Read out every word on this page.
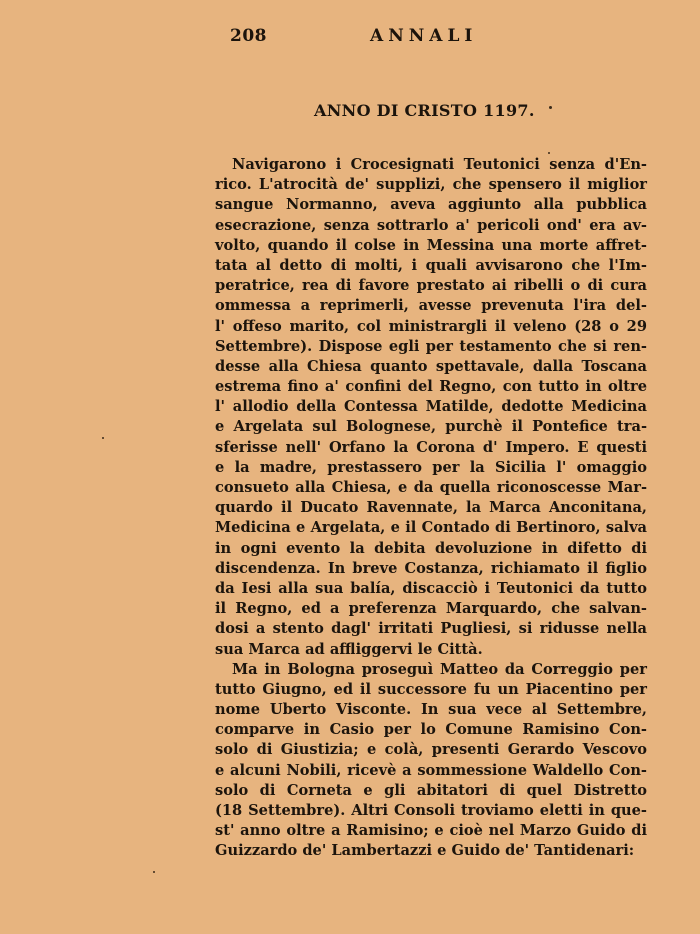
208	ANNALI
ANNO DI CRISTO 1197.
Navigarono i Crocesignati Teutonici senza d'En-
rico. L'atrocità de' supplizi, che spensero il miglior
sangue Normanno, aveva aggiunto alla pubblica
esecrazione, senza sottrarlo a' pericoli ond' era av-
volto, quando il colse in Messina una morte affret-
tata al detto di molti, i quali avvisarono che l'Im-
peratrice, rea di favore prestato ai ribelli o di cura
ommessa a reprimerli, avesse prevenuta l'ira del-
l' offeso marito, col ministrargli il veleno (28 o 29
Settembre). Dispose egli per testamento che si ren-
desse alla Chiesa quanto spettavale, dalla Toscana
estrema fino a' confini del Regno, con tutto in oltre
l' allodio della Contessa Matilde, dedotte Medicina
e Argelata sul Bolognese, purchè il Pontefice tra-
sferisse nell' Orfano la Corona d' Impero. E questi
e la madre, prestassero per la Sicilia l' omaggio
consueto alla Chiesa, e da quella riconoscesse Mar-
quardo il Ducato Ravennate, la Marca Anconitana,
Medicina e Argelata, e il Contado di Bertinoro, salva
in ogni evento la debita devoluzione in difetto di
discendenza. In breve Costanza, richiamato il figlio
da Iesi alla sua balía, discacciò i Teutonici da tutto
il Regno, ed a preferenza Marquardo, che salvan-
dosi a stento dagl' irritati Pugliesi, si ridusse nella
sua Marca ad affliggervi le Città.
Ma in Bologna proseguì Matteo da Correggio per
tutto Giugno, ed il successore fu un Piacentino per
nome Uberto Visconte. In sua vece al Settembre,
comparve in Casio per lo Comune Ramisino Con-
solo di Giustizia; e colà, presenti Gerardo Vescovo
e alcuni Nobili, ricevè a sommessione Waldello Con-
solo di Corneta e gli abitatori di quel Distretto
(18 Settembre). Altri Consoli troviamo eletti in que-
st' anno oltre a Ramisino; e cioè nel Marzo Guido di
Guizzardo de' Lambertazzi e Guido de' Tantidenari:
